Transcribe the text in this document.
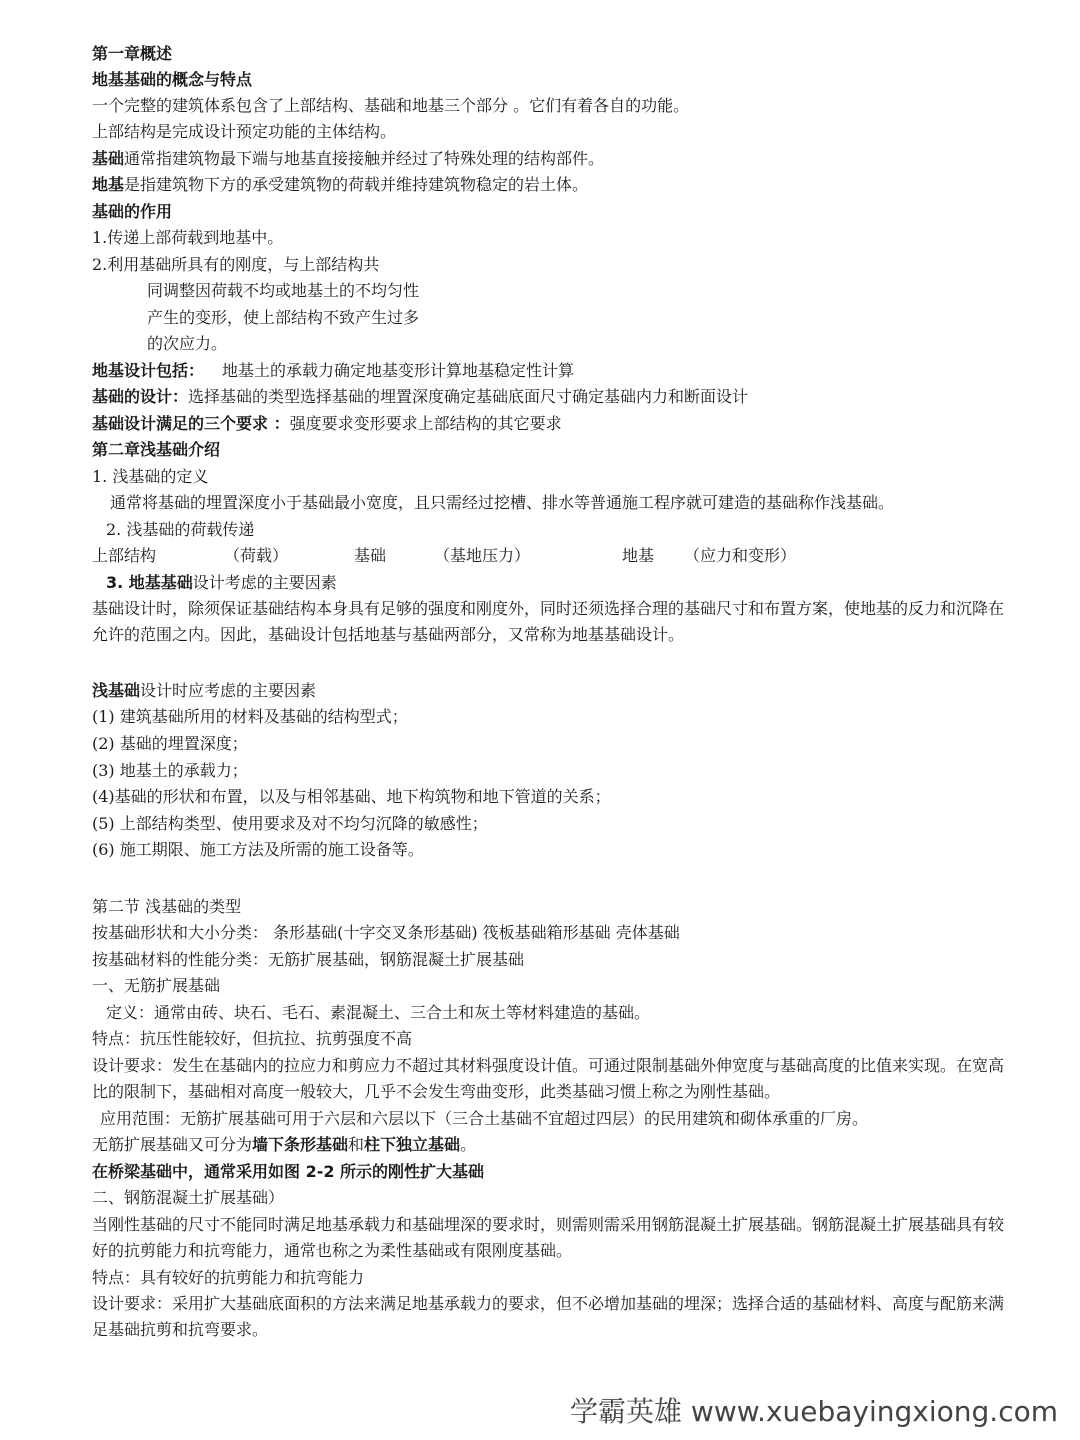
第一章概述
地基基础的概念与特点
一个完整的建筑体系包含了上部结构、基础和地基三个部分 。它们有着各自的功能。
上部结构是完成设计预定功能的主体结构。
基础通常指建筑物最下端与地基直接接触并经过了特殊处理的结构部件。
地基是指建筑物下方的承受建筑物的荷载并维持建筑物稳定的岩土体。
基础的作用
1.传递上部荷载到地基中。
2.利用基础所具有的刚度，与上部结构共
同调整因荷载不均或地基土的不均匀性
产生的变形，使上部结构不致产生过多
的次应力。
地基设计包括： 地基土的承载力确定地基变形计算地基稳定性计算
基础的设计：选择基础的类型选择基础的埋置深度确定基础底面尺寸确定基础内力和断面设计
基础设计满足的三个要求 ：强度要求变形要求上部结构的其它要求
第二章浅基础介绍
1. 浅基础的定义
通常将基础的埋置深度小于基础最小宽度，且只需经过挖槽、排水等普通施工程序就可建造的基础称作浅基础。
2. 浅基础的荷载传递
上部结构	（荷载）	基础	（基地压力）	地基 （应力和变形）
3. 地基基础设计考虑的主要因素
基础设计时，除须保证基础结构本身具有足够的强度和刚度外，同时还须选择合理的基础尺寸和布置方案，使地基的反力和沉降在允许的范围之内。因此，基础设计包括地基与基础两部分，又常称为地基基础设计。
浅基础设计时应考虑的主要因素
(1) 建筑基础所用的材料及基础的结构型式；
(2) 基础的埋置深度；
(3) 地基土的承载力；
(4)基础的形状和布置，以及与相邻基础、地下构筑物和地下管道的关系；
(5) 上部结构类型、使用要求及对不均匀沉降的敏感性；
(6) 施工期限、施工方法及所需的施工设备等。
第二节 浅基础的类型
按基础形状和大小分类： 条形基础(十字交叉条形基础) 筏板基础箱形基础 壳体基础
按基础材料的性能分类：无筋扩展基础，钢筋混凝土扩展基础
一、无筋扩展基础
定义：通常由砖、块石、毛石、素混凝土、三合土和灰土等材料建造的基础。
特点：抗压性能较好，但抗拉、抗剪强度不高
设计要求：发生在基础内的拉应力和剪应力不超过其材料强度设计值。可通过限制基础外伸宽度与基础高度的比值来实现。在宽高比的限制下，基础相对高度一般较大，几乎不会发生弯曲变形，此类基础习惯上称之为刚性基础。
应用范围：无筋扩展基础可用于六层和六层以下（三合土基础不宜超过四层）的民用建筑和砌体承重的厂房。
无筋扩展基础又可分为墙下条形基础和柱下独立基础。
在桥梁基础中，通常采用如图 2-2 所示的刚性扩大基础
二、钢筋混凝土扩展基础）
当刚性基础的尺寸不能同时满足地基承载力和基础埋深的要求时，则需则需采用钢筋混凝土扩展基础。钢筋混凝土扩展基础具有较好的抗剪能力和抗弯能力，通常也称之为柔性基础或有限刚度基础。
特点：具有较好的抗剪能力和抗弯能力
设计要求：采用扩大基础底面积的方法来满足地基承载力的要求，但不必增加基础的埋深；选择合适的基础材料、高度与配筋来满足基础抗剪和抗弯要求。
学霸英雄 www.xuebayingxiong.com
